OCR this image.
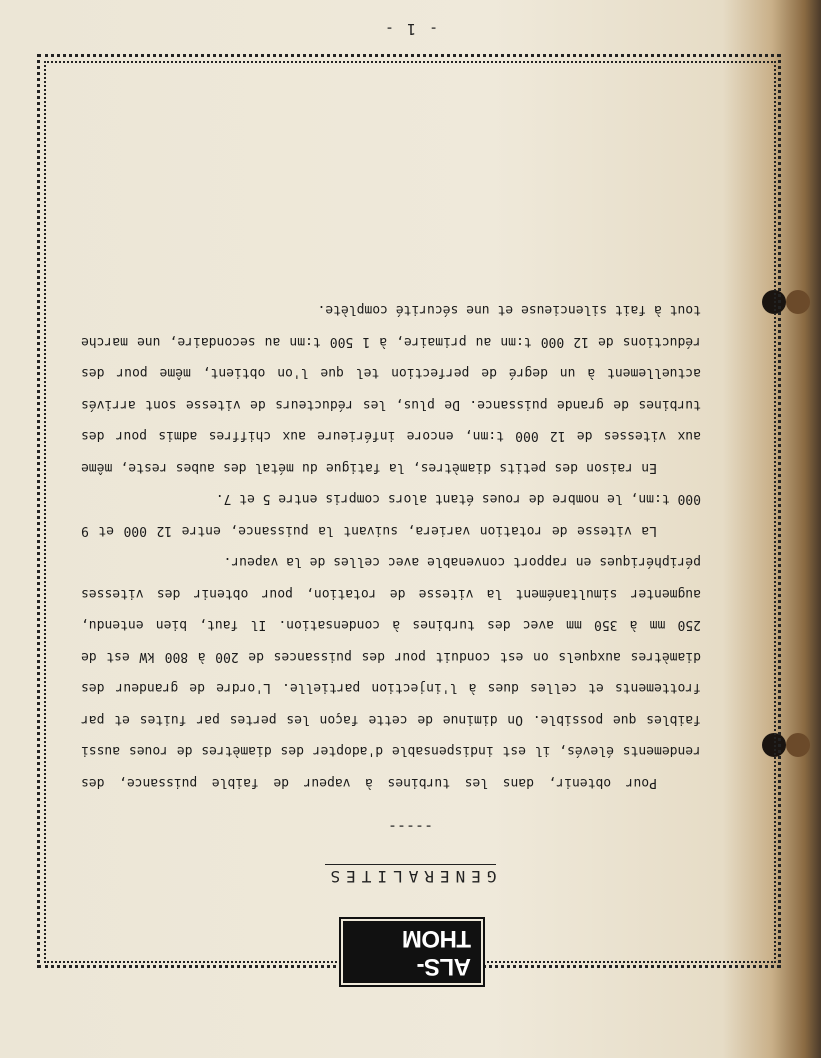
ALS-THOM
GENERALITES
-----

Pour obtenir, dans les turbines à vapeur de faible puissance, des rendements élevés, il est indispensable d'adopter des diamètres de roues aussi faibles que possible. On diminue de cette façon les pertes par fuites et par frottements et celles dues à l'injection partielle. L'ordre de grandeur des diamètres auxquels on est conduit pour des puissances de 200 à 800 kW est de 250 mm à 350 mm avec des turbines à condensation. Il faut, bien entendu, augmenter simultanément la vitesse de rotation, pour obtenir des vitesses périphériques en rapport convenable avec celles de la vapeur.

La vitesse de rotation variera, suivant la puissance, entre 12 000 et 9 000 t:mn, le nombre de roues étant alors compris entre 5 et 7.

En raison des petits diamètres, la fatigue du métal des aubes reste, même aux vitesses de 12 000 t:mn, encore inférieure aux chiffres admis pour des turbines de grande puissance. De plus, les réducteurs de vitesse sont arrivés actuellement à un degré de perfection tel que l'on obtient, même pour des réductions de 12 000 t:mn au primaire, à 1 500 t:mn au secondaire, une marche tout à fait silencieuse et une sécurité complète.

- 1 -
